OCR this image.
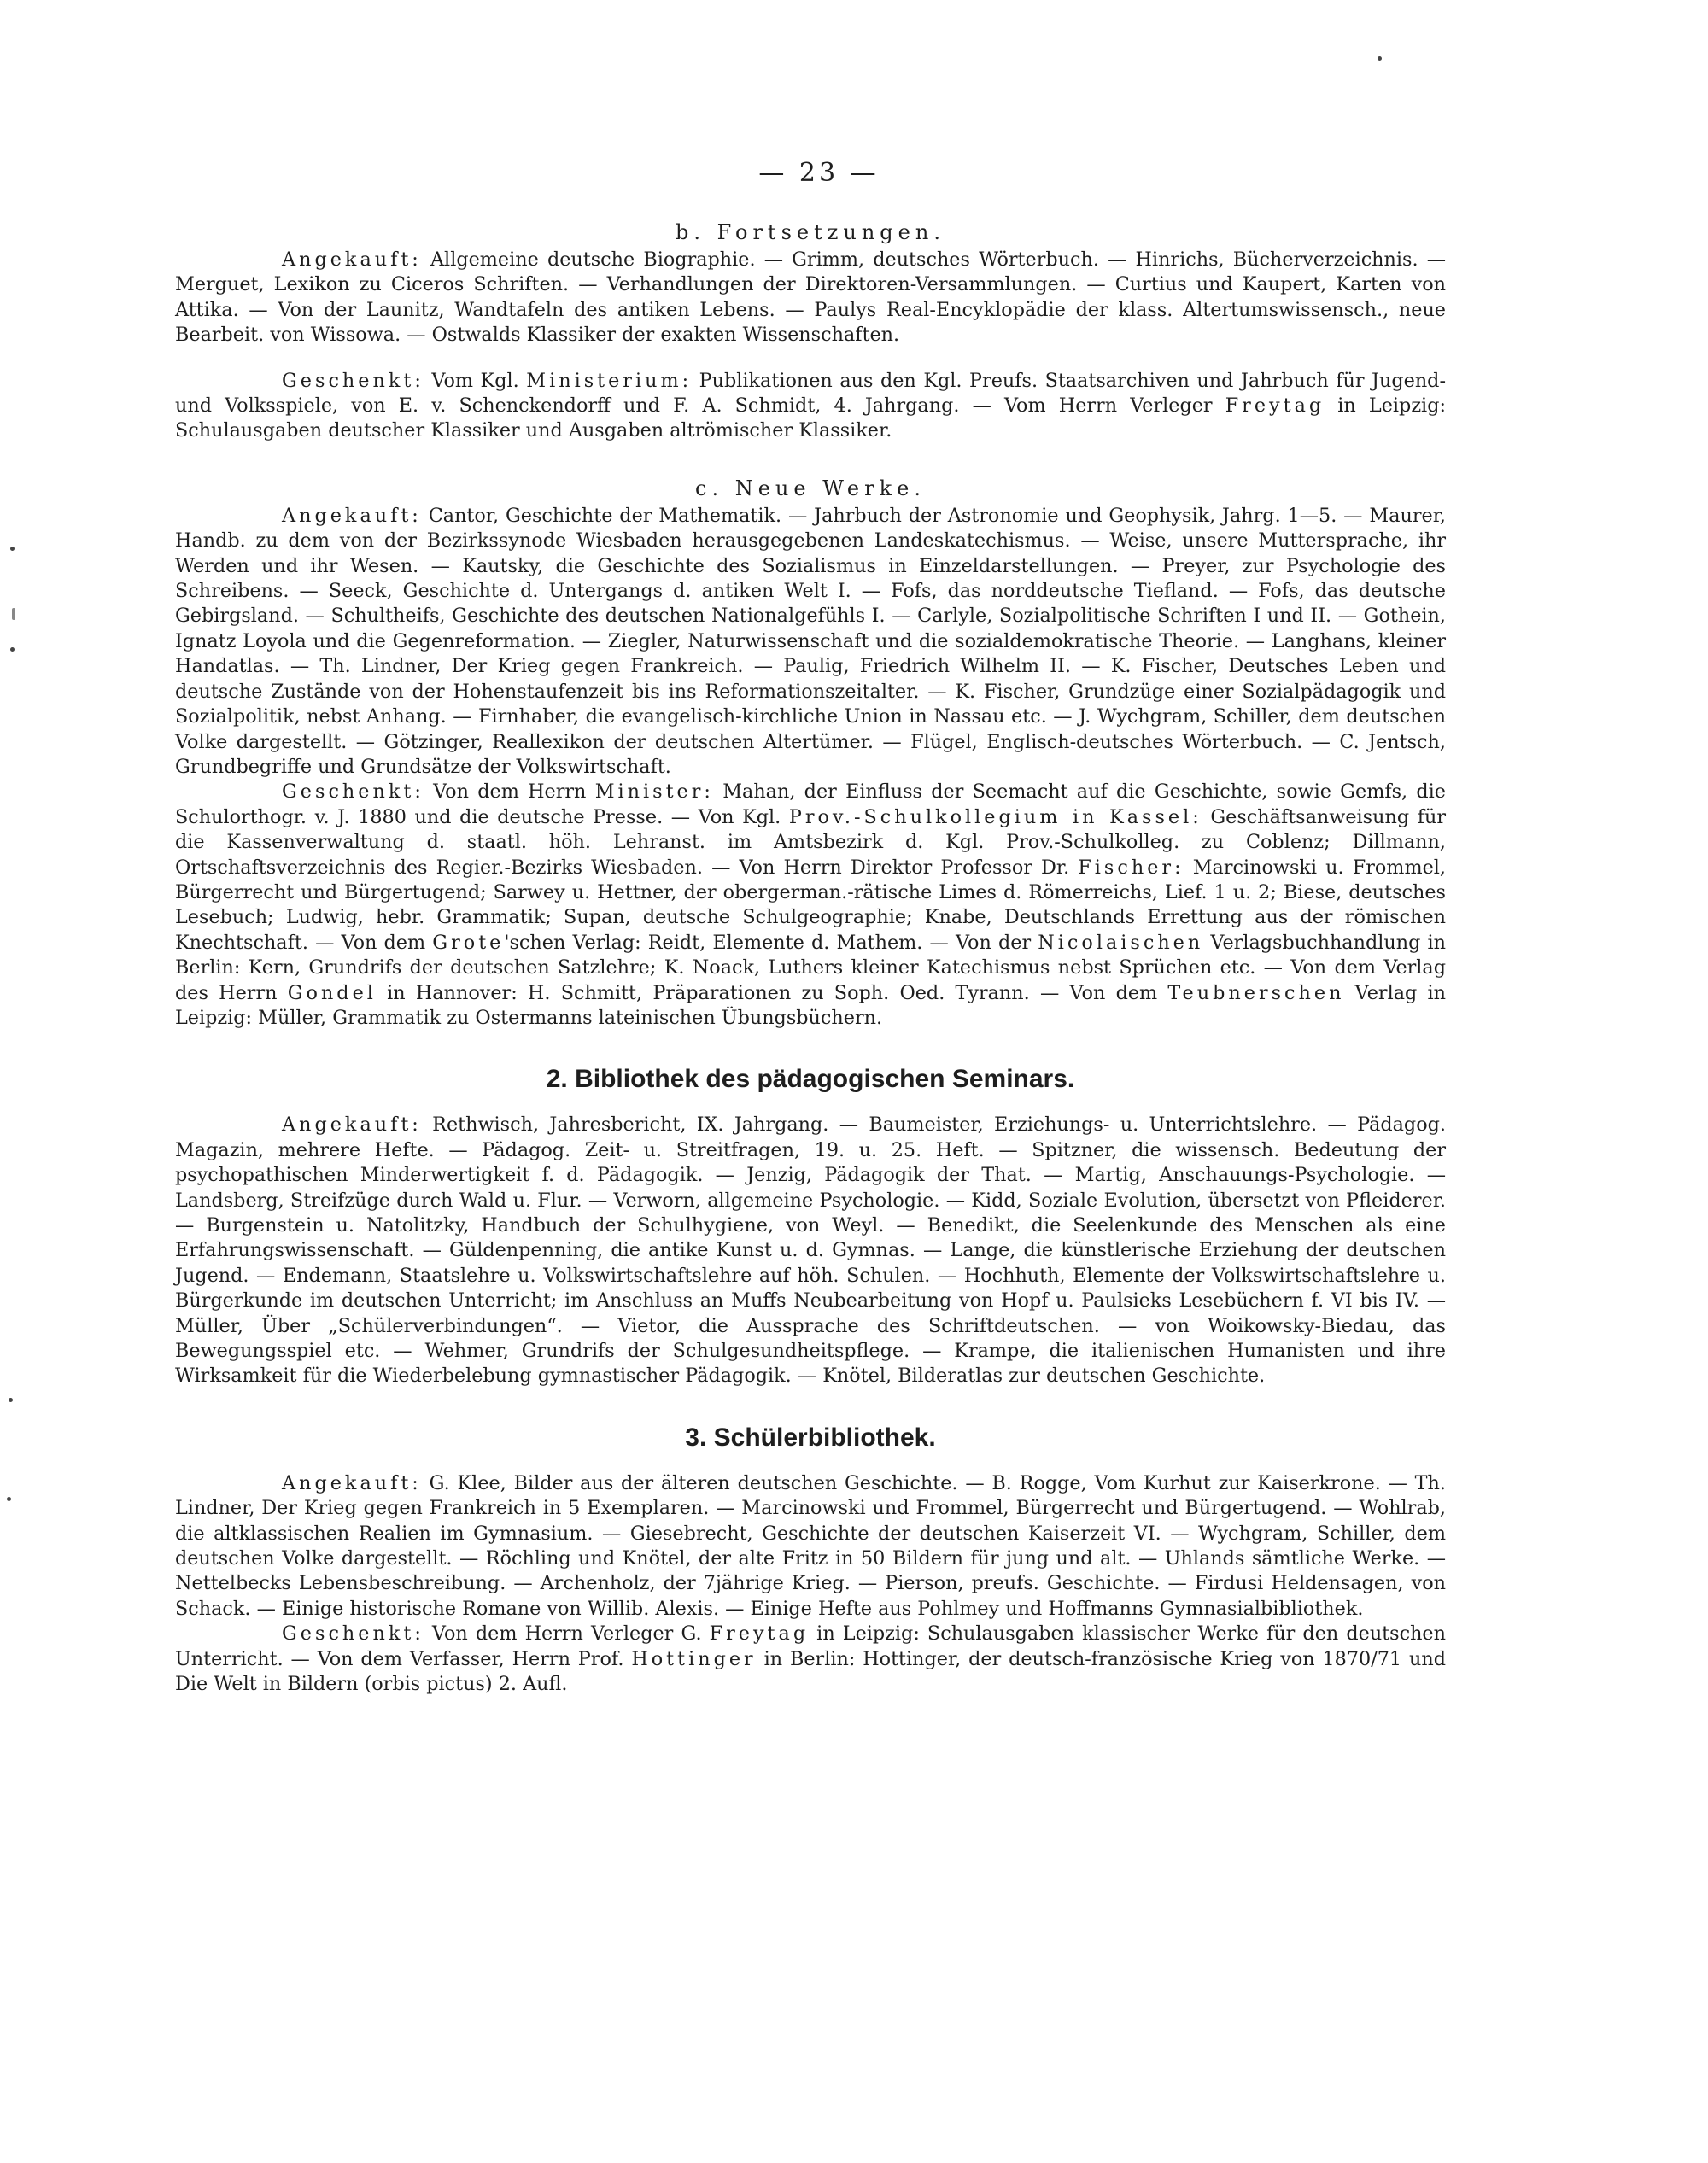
— 23 —
b. Fortsetzungen.

Angekauft: Allgemeine deutsche Biographie. — Grimm, deutsches Wörterbuch. — Hinrichs, Bücherverzeichnis. — Merguet, Lexikon zu Ciceros Schriften. — Verhandlungen der Direktoren-Versammlungen. — Curtius und Kaupert, Karten von Attika. — Von der Launitz, Wandtafeln des antiken Lebens. — Paulys Real-Encyklopädie der klass. Altertumswissensch., neue Bearbeit. von Wissowa. — Ostwalds Klassiker der exakten Wissenschaften.

Geschenkt: Vom Kgl. Ministerium: Publikationen aus den Kgl. Preufs. Staatsarchiven und Jahrbuch für Jugend- und Volksspiele, von E. v. Schenckendorff und F. A. Schmidt, 4. Jahrgang. — Vom Herrn Verleger Freytag in Leipzig: Schulausgaben deutscher Klassiker und Ausgaben altrömischer Klassiker.

c. Neue Werke.

Angekauft: Cantor, Geschichte der Mathematik. — Jahrbuch der Astronomie und Geophysik, Jahrg. 1—5. — Maurer, Handb. zu dem von der Bezirkssynode Wiesbaden herausgegebenen Landeskatechismus. — Weise, unsere Muttersprache, ihr Werden und ihr Wesen. — Kautsky, die Geschichte des Sozialismus in Einzeldarstellungen. — Preyer, zur Psychologie des Schreibens. — Seeck, Geschichte d. Untergangs d. antiken Welt I. — Fofs, das norddeutsche Tiefland. — Fofs, das deutsche Gebirgsland. — Schultheifs, Geschichte des deutschen Nationalgefühls I. — Carlyle, Sozialpolitische Schriften I und II. — Gothein, Ignatz Loyola und die Gegenreformation. — Ziegler, Naturwissenschaft und die sozialdemokratische Theorie. — Langhans, kleiner Handatlas. — Th. Lindner, Der Krieg gegen Frankreich. — Paulig, Friedrich Wilhelm II. — K. Fischer, Deutsches Leben und deutsche Zustände von der Hohenstaufenzeit bis ins Reformationszeitalter. — K. Fischer, Grundzüge einer Sozialpädagogik und Sozialpolitik, nebst Anhang. — Firnhaber, die evangelisch-kirchliche Union in Nassau etc. — J. Wychgram, Schiller, dem deutschen Volke dargestellt. — Götzinger, Reallexikon der deutschen Altertümer. — Flügel, Englisch-deutsches Wörterbuch. — C. Jentsch, Grundbegriffe und Grundsätze der Volkswirtschaft.

Geschenkt: Von dem Herrn Minister: Mahan, der Einfluss der Seemacht auf die Geschichte, sowie Gemfs, die Schulorthogr. v. J. 1880 und die deutsche Presse. — Von Kgl. Prov.-Schulkollegium in Kassel: Geschäftsanweisung für die Kassenverwaltung d. staatl. höh. Lehranst. im Amtsbezirk d. Kgl. Prov.-Schulkolleg. zu Coblenz; Dillmann, Ortschaftsverzeichnis des Regier.-Bezirks Wiesbaden. — Von Herrn Direktor Professor Dr. Fischer: Marcinowski u. Frommel, Bürgerrecht und Bürgertugend; Sarwey u. Hettner, der obergerman.-rätische Limes d. Römerreichs, Lief. 1 u. 2; Biese, deutsches Lesebuch; Ludwig, hebr. Grammatik; Supan, deutsche Schulgeographie; Knabe, Deutschlands Errettung aus der römischen Knechtschaft. — Von dem Grote'schen Verlag: Reidt, Elemente d. Mathem. — Von der Nicolaischen Verlagsbuchhandlung in Berlin: Kern, Grundrifs der deutschen Satzlehre; K. Noack, Luthers kleiner Katechismus nebst Sprüchen etc. — Von dem Verlag des Herrn Gondel in Hannover: H. Schmitt, Präparationen zu Soph. Oed. Tyrann. — Von dem Teubnerschen Verlag in Leipzig: Müller, Grammatik zu Ostermanns lateinischen Übungsbüchern.

2. Bibliothek des pädagogischen Seminars.

Angekauft: Rethwisch, Jahresbericht, IX. Jahrgang. — Baumeister, Erziehungs- u. Unterrichtslehre. — Pädagog. Magazin, mehrere Hefte. — Pädagog. Zeit- u. Streitfragen, 19. u. 25. Heft. — Spitzner, die wissensch. Bedeutung der psychopathischen Minderwertigkeit f. d. Pädagogik. — Jenzig, Pädagogik der That. — Martig, Anschauungs-Psychologie. — Landsberg, Streifzüge durch Wald u. Flur. — Verworn, allgemeine Psychologie. — Kidd, Soziale Evolution, übersetzt von Pfleiderer. — Burgenstein u. Natolitzky, Handbuch der Schulhygiene, von Weyl. — Benedikt, die Seelenkunde des Menschen als eine Erfahrungswissenschaft. — Güldenpenning, die antike Kunst u. d. Gymnas. — Lange, die künstlerische Erziehung der deutschen Jugend. — Endemann, Staatslehre u. Volkswirtschaftslehre auf höh. Schulen. — Hochhuth, Elemente der Volkswirtschaftslehre u. Bürgerkunde im deutschen Unterricht; im Anschluss an Muffs Neubearbeitung von Hopf u. Paulsieks Lesebüchern f. VI bis IV. — Müller, Über „Schülerverbindungen“. — Vietor, die Aussprache des Schriftdeutschen. — von Woikowsky-Biedau, das Bewegungsspiel etc. — Wehmer, Grundrifs der Schulgesundheitspflege. — Krampe, die italienischen Humanisten und ihre Wirksamkeit für die Wiederbelebung gymnastischer Pädagogik. — Knötel, Bilderatlas zur deutschen Geschichte.

3. Schülerbibliothek.

Angekauft: G. Klee, Bilder aus der älteren deutschen Geschichte. — B. Rogge, Vom Kurhut zur Kaiserkrone. — Th. Lindner, Der Krieg gegen Frankreich in 5 Exemplaren. — Marcinowski und Frommel, Bürgerrecht und Bürgertugend. — Wohlrab, die altklassischen Realien im Gymnasium. — Giesebrecht, Geschichte der deutschen Kaiserzeit VI. — Wychgram, Schiller, dem deutschen Volke dargestellt. — Röchling und Knötel, der alte Fritz in 50 Bildern für jung und alt. — Uhlands sämtliche Werke. — Nettelbecks Lebensbeschreibung. — Archenholz, der 7jährige Krieg. — Pierson, preufs. Geschichte. — Firdusi Heldensagen, von Schack. — Einige historische Romane von Willib. Alexis. — Einige Hefte aus Pohlmey und Hoffmanns Gymnasialbibliothek.

Geschenkt: Von dem Herrn Verleger G. Freytag in Leipzig: Schulausgaben klassischer Werke für den deutschen Unterricht. — Von dem Verfasser, Herrn Prof. Hottinger in Berlin: Hottinger, der deutsch-französische Krieg von 1870/71 und Die Welt in Bildern (orbis pictus) 2. Aufl.
